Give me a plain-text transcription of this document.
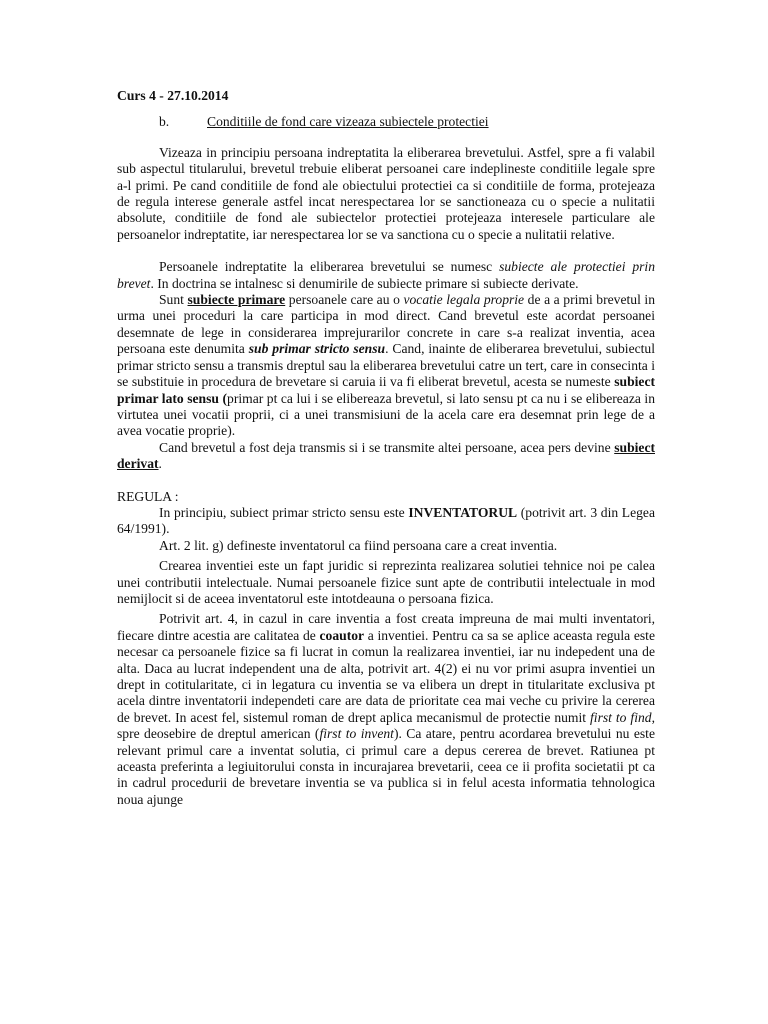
Curs 4 - 27.10.2014
b.	Conditiile de fond care vizeaza subiectele protectiei

Vizeaza in principiu persoana indreptatita la eliberarea brevetului. Astfel, spre a fi valabil sub aspectul titularului, brevetul trebuie eliberat persoanei care indeplineste conditiile legale spre a-l primi. Pe cand conditiile de fond ale obiectului protectiei ca si conditiile de forma, protejeaza de regula interese generale astfel incat nerespectarea lor se sanctioneaza cu o specie a nulitatii absolute, conditiile de fond ale subiectelor protectiei protejeaza interesele particulare ale persoanelor indreptatite, iar nerespectarea lor se va sanctiona cu o specie a nulitatii relative.

Persoanele indreptatite la eliberarea brevetului se numesc subiecte ale protectiei prin brevet. In doctrina se intalnesc si denumirile de subiecte primare si subiecte derivate.

Sunt subiecte primare persoanele care au o vocatie legala proprie de a a primi brevetul in urma unei proceduri la care participa in mod direct. Cand brevetul este acordat persoanei desemnate de lege in considerarea imprejurarilor concrete in care s-a realizat inventia, acea persoana este denumita sub primar stricto sensu. Cand, inainte de eliberarea brevetului, subiectul primar stricto sensu a transmis dreptul sau la eliberarea brevetului catre un tert, care in consecinta i se substituie in procedura de brevetare si caruia ii va fi eliberat brevetul, acesta se numeste subiect primar lato sensu (primar pt ca lui i se elibereaza brevetul, si lato sensu pt ca nu i se elibereaza in virtutea unei vocatii proprii, ci a unei transmisiuni de la acela care era desemnat prin lege de a avea vocatie proprie).

Cand brevetul a fost deja transmis si i se transmite altei persoane, acea pers devine subiect derivat.

REGULA :

In principiu, subiect primar stricto sensu este INVENTATORUL (potrivit art. 3 din Legea 64/1991).

Art. 2 lit. g) defineste inventatorul ca fiind persoana care a creat inventia.

Crearea inventiei este un fapt juridic si reprezinta realizarea solutiei tehnice noi pe calea unei contributii intelectuale. Numai persoanele fizice sunt apte de contributii intelectuale in mod nemijlocit si de aceea inventatorul este intotdeauna o persoana fizica.

Potrivit art. 4, in cazul in care inventia a fost creata impreuna de mai multi inventatori, fiecare dintre acestia are calitatea de coautor a inventiei. Pentru ca sa se aplice aceasta regula este necesar ca persoanele fizice sa fi lucrat in comun la realizarea inventiei, iar nu indepedent una de alta. Daca au lucrat independent una de alta, potrivit art. 4(2) ei nu vor primi asupra inventiei un drept in cotitularitate, ci in legatura cu inventia se va elibera un drept in titularitate exclusiva pt acela dintre inventatorii independeti care are data de prioritate cea mai veche cu privire la cererea de brevet. In acest fel, sistemul roman de drept aplica mecanismul de protectie numit first to find, spre deosebire de dreptul american (first to invent). Ca atare, pentru acordarea brevetului nu este relevant primul care a inventat solutia, ci primul care a depus cererea de brevet. Ratiunea pt aceasta preferinta a legiuitorului consta in incurajarea brevetarii, ceea ce ii profita societatii pt ca in cadrul procedurii de brevetare inventia se va publica si in felul acesta informatia tehnologica noua ajunge
